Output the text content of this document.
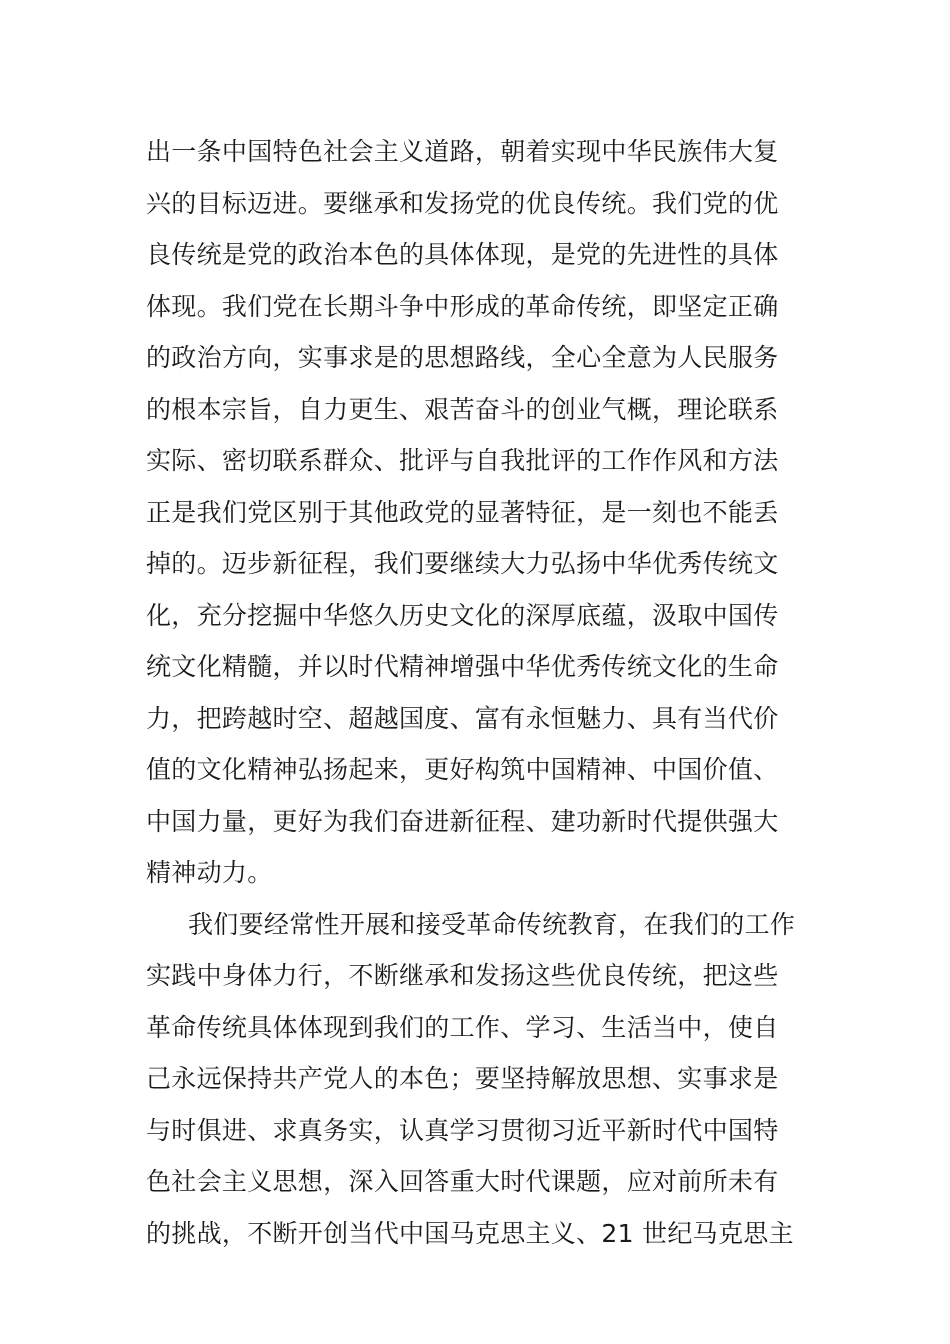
出一条中国特色社会主义道路，朝着实现中华民族伟大复
兴的目标迈进。要继承和发扬党的优良传统。我们党的优
良传统是党的政治本色的具体体现，是党的先进性的具体
体现。我们党在长期斗争中形成的革命传统，即坚定正确
的政治方向，实事求是的思想路线，全心全意为人民服务
的根本宗旨，自力更生、艰苦奋斗的创业气概，理论联系
实际、密切联系群众、批评与自我批评的工作作风和方法
正是我们党区别于其他政党的显著特征，是一刻也不能丢
掉的。迈步新征程，我们要继续大力弘扬中华优秀传统文
化，充分挖掘中华悠久历史文化的深厚底蕴，汲取中国传
统文化精髓，并以时代精神增强中华优秀传统文化的生命
力，把跨越时空、超越国度、富有永恒魅力、具有当代价
值的文化精神弘扬起来，更好构筑中国精神、中国价值、
中国力量，更好为我们奋进新征程、建功新时代提供强大
精神动力。
我们要经常性开展和接受革命传统教育，在我们的工作
实践中身体力行，不断继承和发扬这些优良传统，把这些
革命传统具体体现到我们的工作、学习、生活当中，使自
己永远保持共产党人的本色；要坚持解放思想、实事求是
与时俱进、求真务实，认真学习贯彻习近平新时代中国特
色社会主义思想，深入回答重大时代课题，应对前所未有
的挑战，不断开创当代中国马克思主义、21 世纪马克思主
